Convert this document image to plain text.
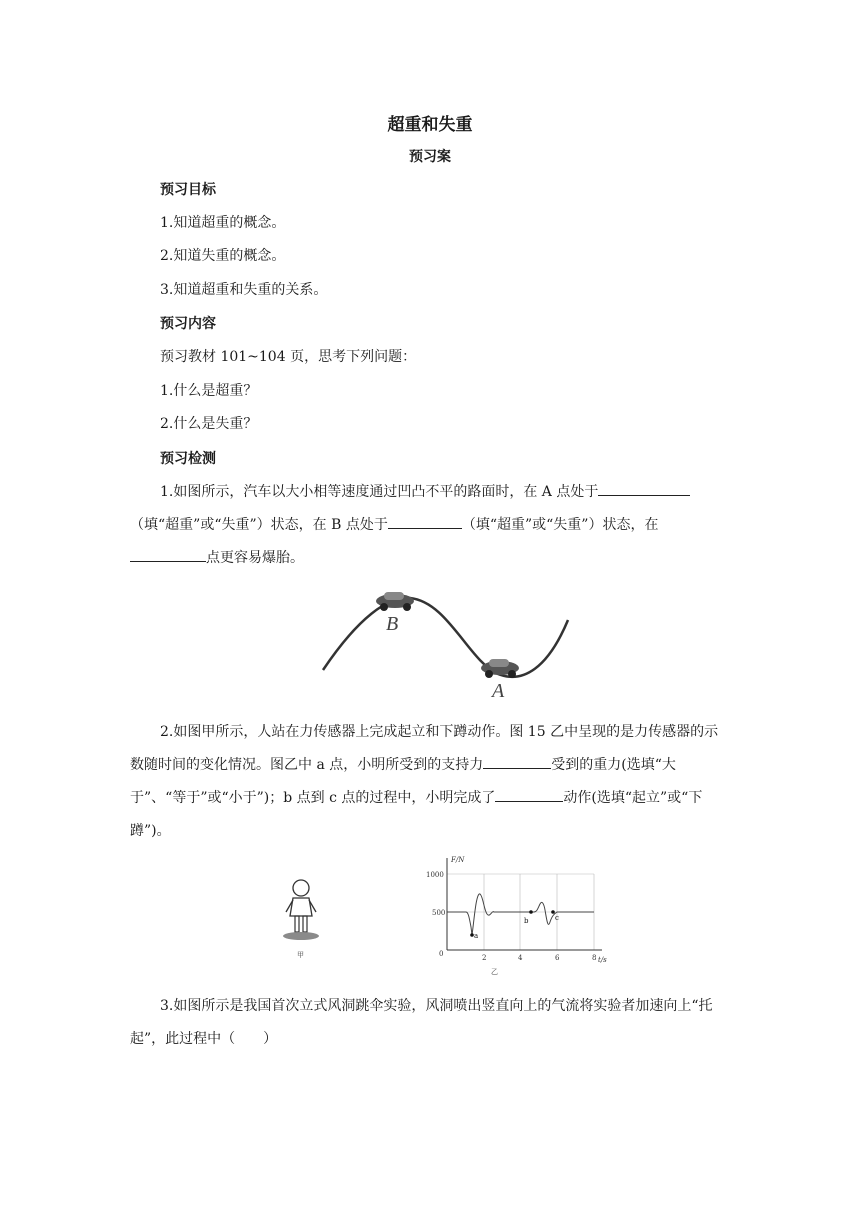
超重和失重
预习案
预习目标
1.知道超重的概念。
2.知道失重的概念。
3.知道超重和失重的关系。
预习内容
预习教材 101~104 页，思考下列问题：
1.什么是超重？
2.什么是失重？
预习检测
1.如图所示，汽车以大小相等速度通过凹凸不平的路面时，在 A 点处于（填“超重”或“失重”）状态，在 B 点处于	（填“超重”或“失重”）状态，在点更容易爆胎。
B
A
2.如图甲所示，人站在力传感器上完成起立和下蹲动作。图 15 乙中呈现的是力传感器的示数随时间的变化情况。图乙中 a 点，小明所受到的支持力	受到的重力(选填“大于”、“等于”或“小于”)；b 点到 c 点的过程中，小明完成了	动作(选填“起立”或“下蹲”)。
甲
F/N
t/s
1000
500
0	2	4	6	8
a
b	c
乙
3.如图所示是我国首次立式风洞跳伞实验，风洞喷出竖直向上的气流将实验者加速向上“托起”，此过程中（　　）
